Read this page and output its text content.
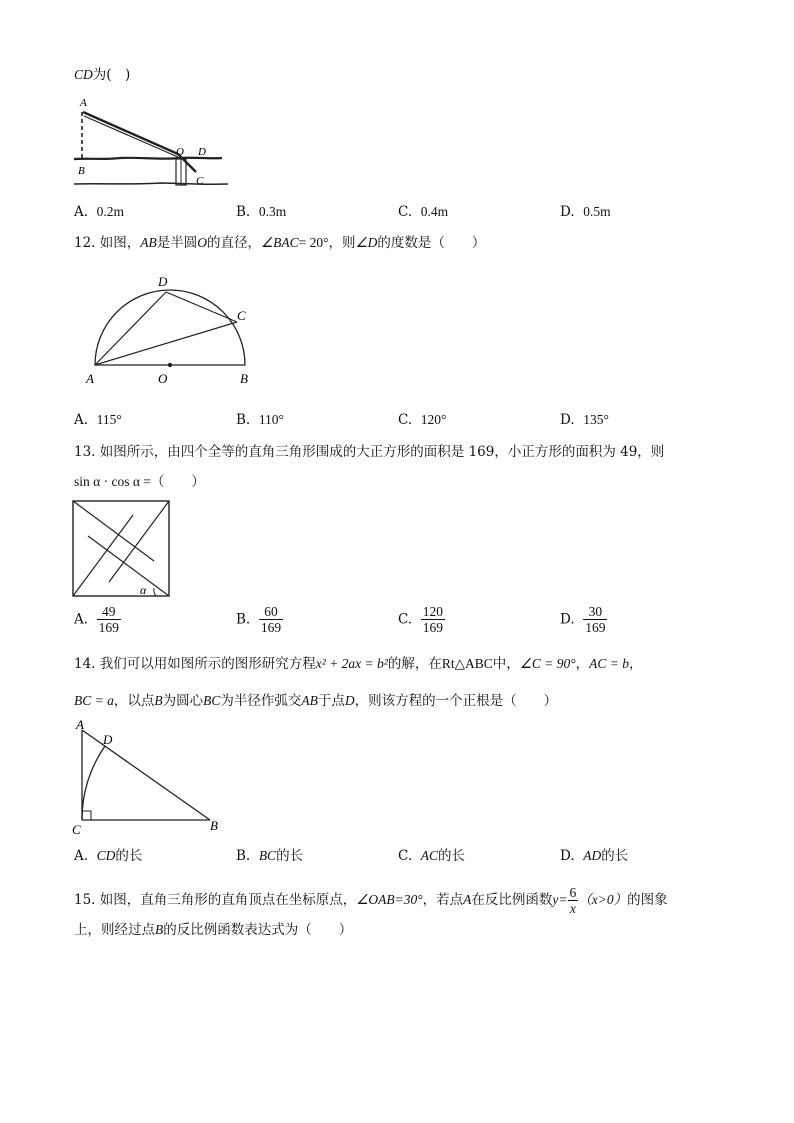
CD为(　)
A
B
O D
C
A. 0.2m	B. 0.3m	C. 0.4m	D. 0.5m
12. 如图，AB是半圆O的直径，∠BAC= 20°，则∠D的度数是（　　）
D
C
A	O	B
A. 115°	B. 110°	C. 120°	D. 135°
13. 如图所示，由四个全等的直角三角形围成的大正方形的面积是 169，小正方形的面积为 49，则
sin α · cos α =（　　）
α
A. $\frac{49}{169}$	B. $\frac{60}{169}$	C. $\frac{120}{169}$	D. $\frac{30}{169}$
14. 我们可以用如图所示的图形研究方程x² + 2ax = b²的解，在Rt△ABC中，∠C = 90°，AC = b，
BC = a，以点B为圆心BC为半径作弧交AB于点D，则该方程的一个正根是（　　）
A
D
C	B
A. CD的长	B. BC的长	C. AC的长	D. AD的长
15. 如图，直角三角形的直角顶点在坐标原点，∠OAB=30°，若点A在反比例函数$y= \frac{6}{x} (x>0)$的图象
上，则经过点B的反比例函数表达式为（　　）
